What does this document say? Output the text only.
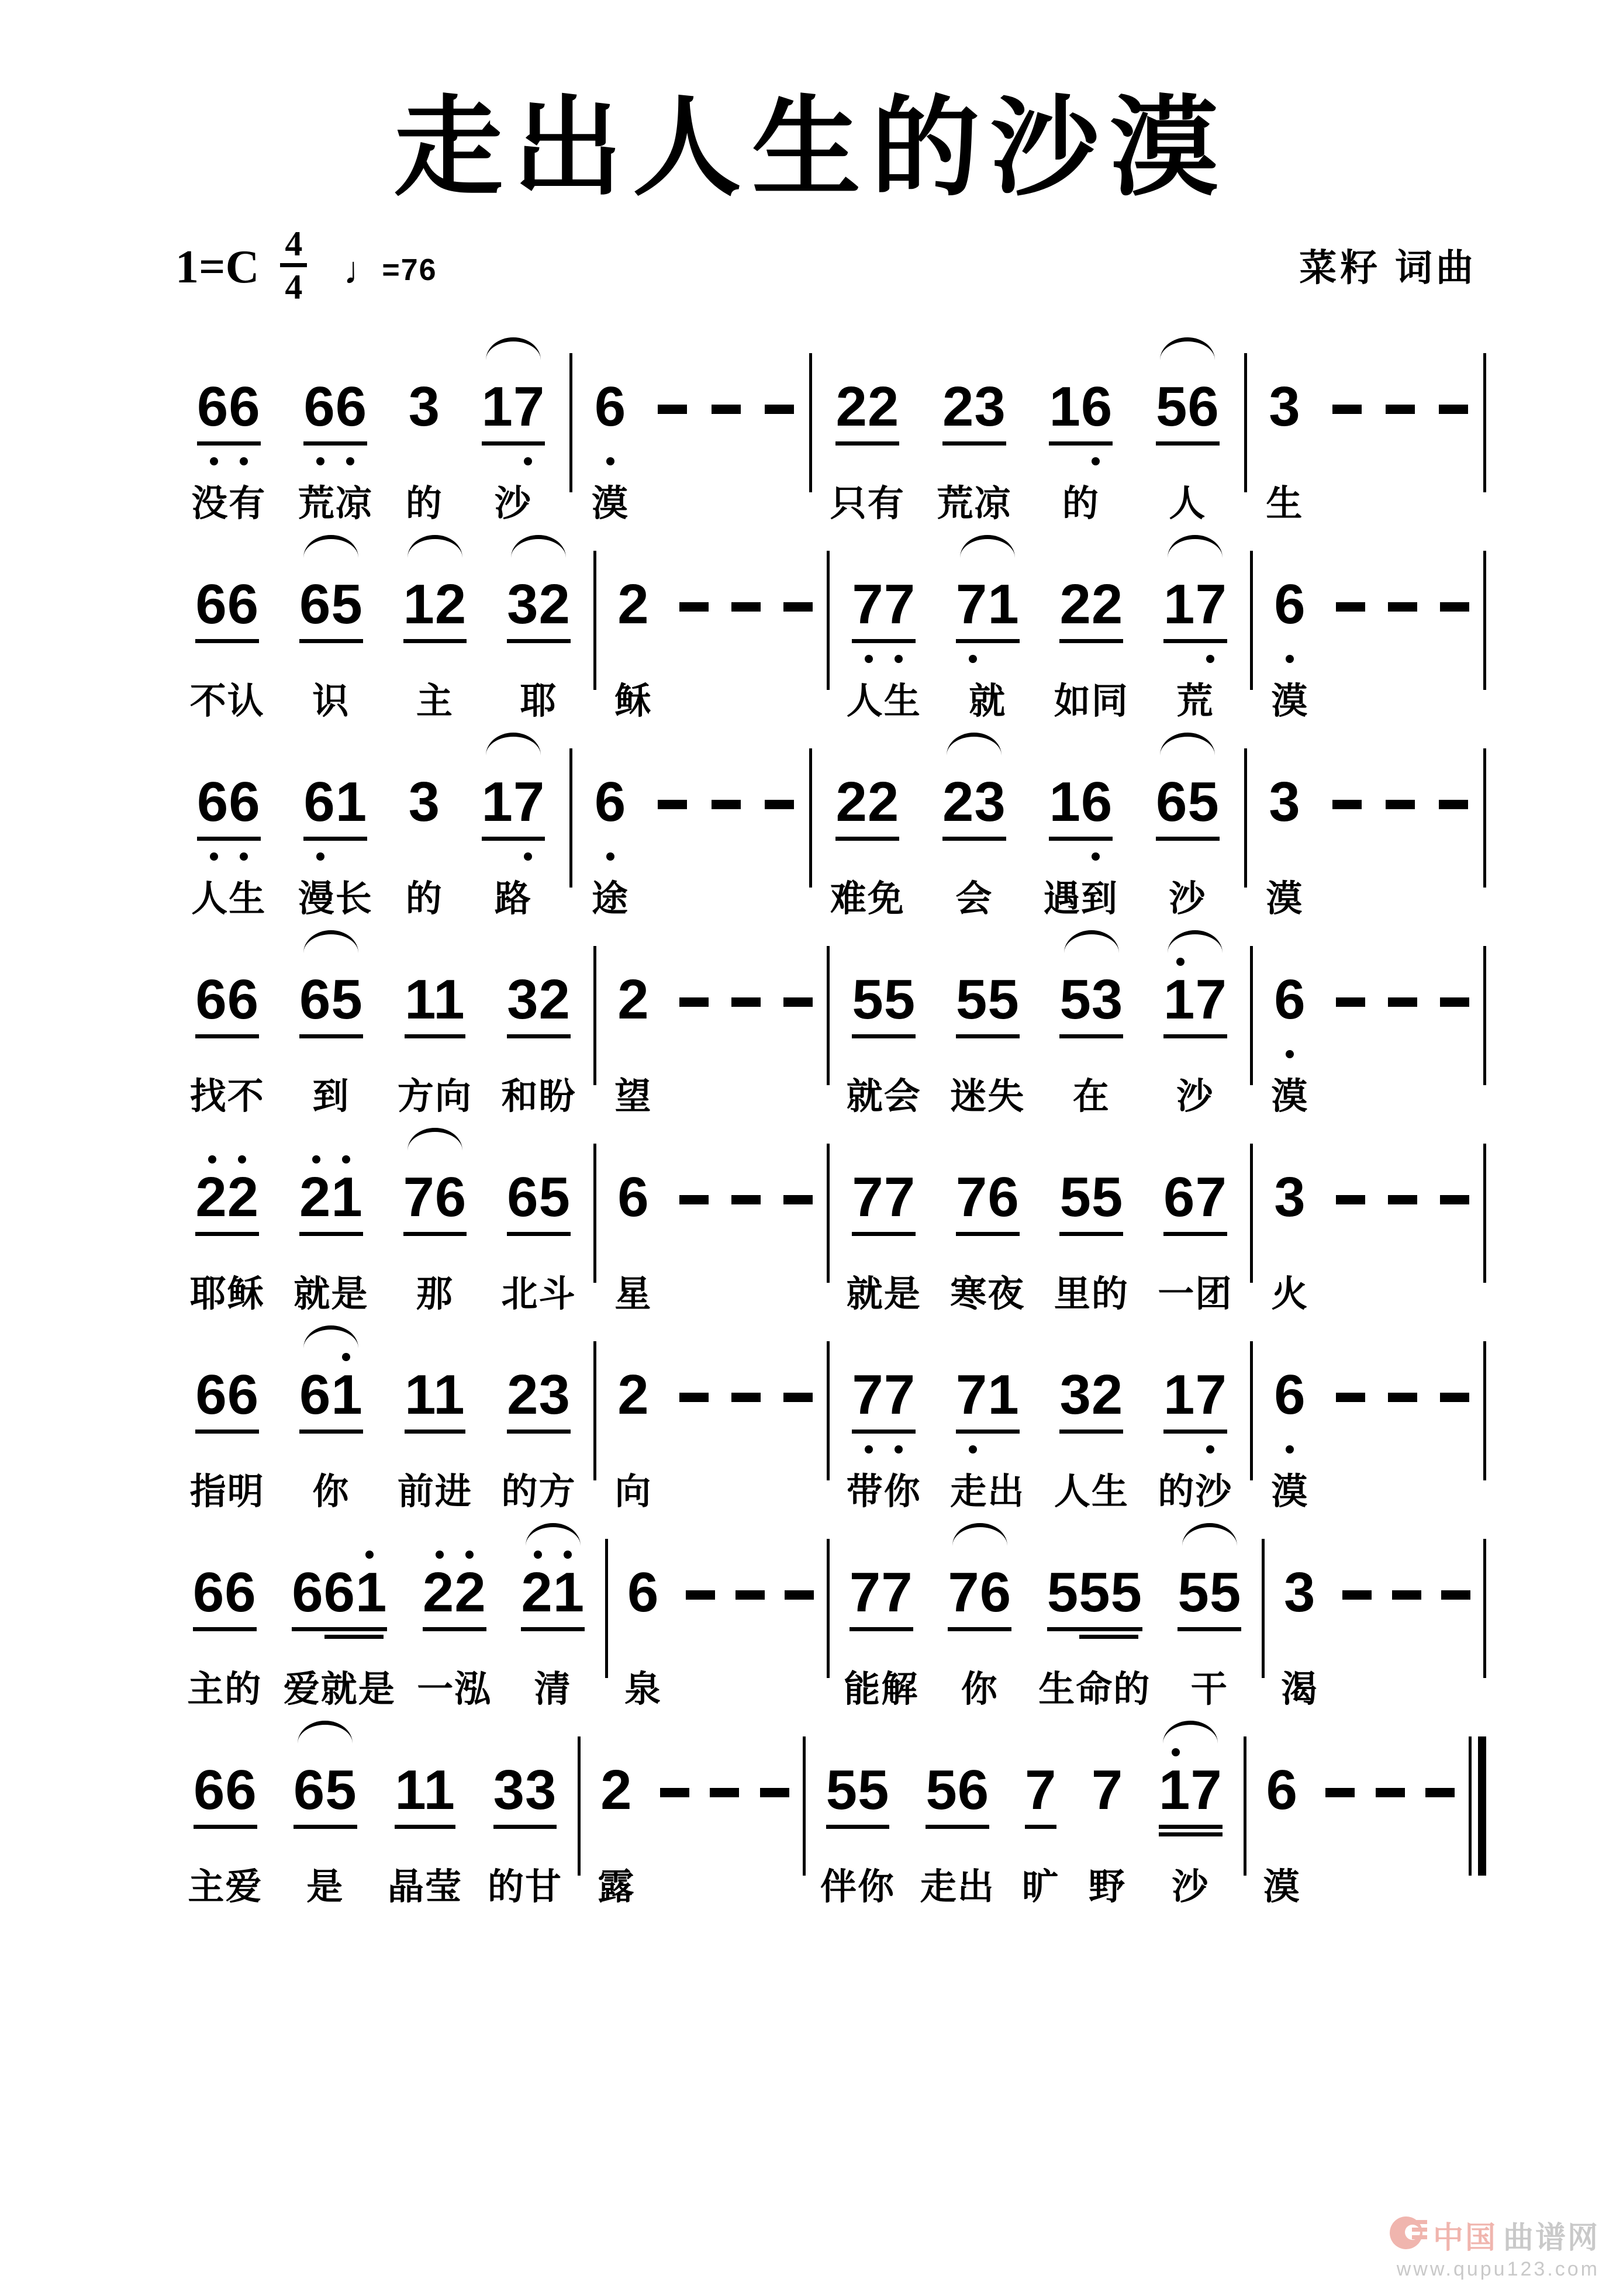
走出人生的沙漠
1=C 4
4 ♩ =76	菜籽 词曲
66
没有
66
荒凉
3
的
17
沙
6
漠
22
只有
23
荒凉
16
的
56
人
3
生
66
不认
65
识
12
主
32
耶
2
稣
77
人生
71
就
22
如同
17
荒
6
漠
66
人生
61
漫长
3
的
17
路
6
途
22
难免
23
会
16
遇到
65
沙
3
漠
66
找不
65
到
11
方向
32
和盼
2
望
55
就会
55
迷失
53
在
17
沙
6
漠
22
耶稣
21
就是
76
那
65
北斗
6
星
77
就是
76
寒夜
55
里的
67
一团
3
火
66
指明
61
你
11
前进
23
的方
2
向
77
带你
71
走出
32
人生
17
的沙
6
漠
66
主的
661
爱就是
22
一泓
21
清
6
泉
77
能解
76
你
555
生命的
55
干
3
渴
66
主爱
65
是
11
晶莹
33
的甘
2
露
55
伴你
56
走出
7
旷
7
野
17
沙
6
漠
中国 曲谱网
www.qupu123.com
